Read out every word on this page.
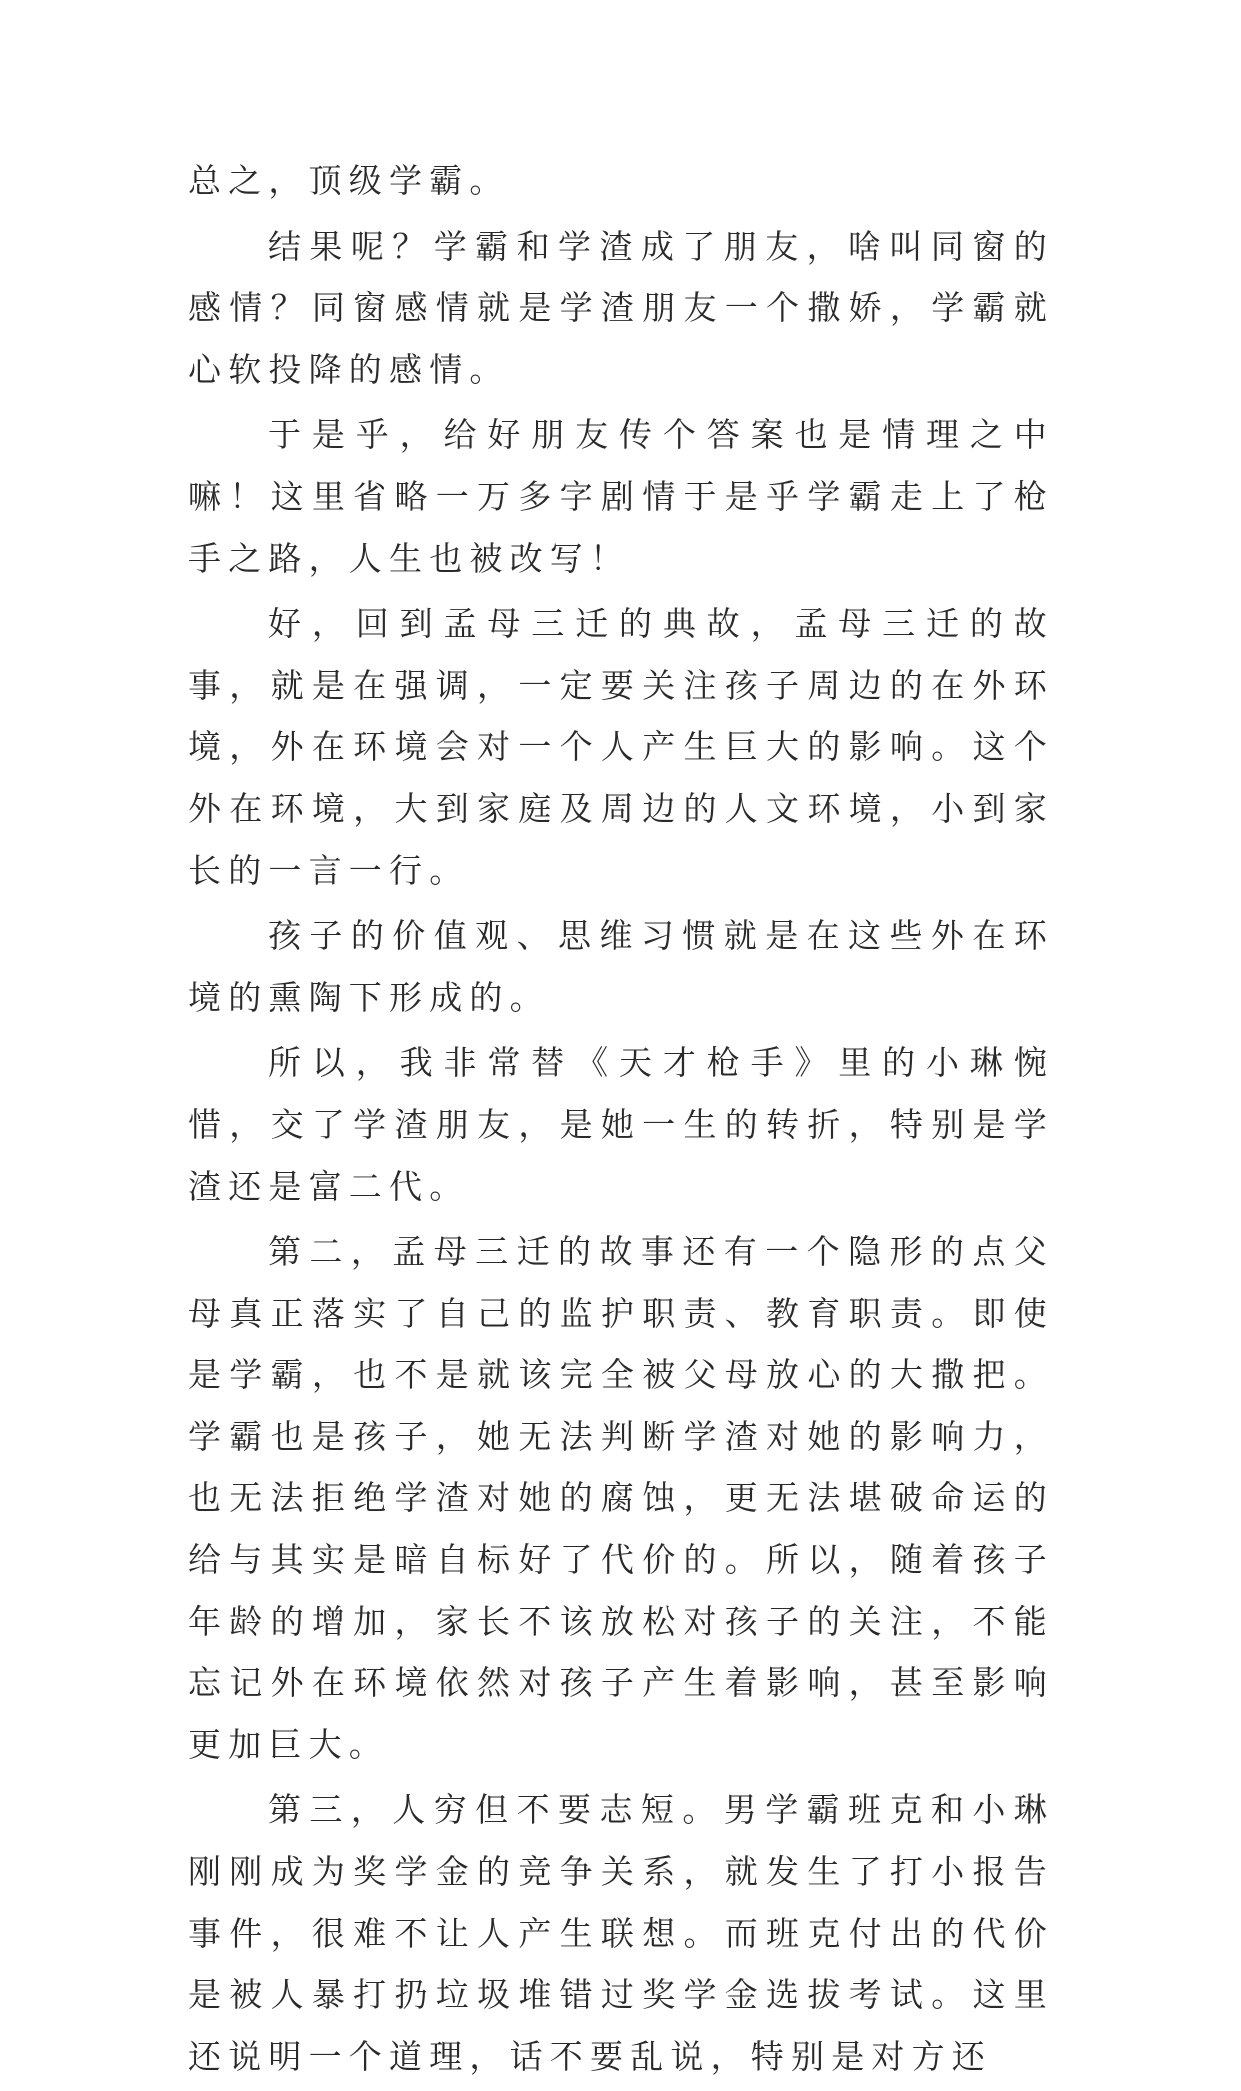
总之，顶级学霸。

结果呢？学霸和学渣成了朋友，啥叫同窗的感情？同窗感情就是学渣朋友一个撒娇，学霸就心软投降的感情。

于是乎，给好朋友传个答案也是情理之中嘛！这里省略一万多字剧情于是乎学霸走上了枪手之路，人生也被改写！

好，回到孟母三迁的典故，孟母三迁的故事，就是在强调，一定要关注孩子周边的在外环境，外在环境会对一个人产生巨大的影响。这个外在环境，大到家庭及周边的人文环境，小到家长的一言一行。

孩子的价值观、思维习惯就是在这些外在环境的熏陶下形成的。

所以，我非常替《天才枪手》里的小琳惋惜，交了学渣朋友，是她一生的转折，特别是学渣还是富二代。

第二，孟母三迁的故事还有一个隐形的点父母真正落实了自己的监护职责、教育职责。即使是学霸，也不是就该完全被父母放心的大撒把。学霸也是孩子，她无法判断学渣对她的影响力，也无法拒绝学渣对她的腐蚀，更无法堪破命运的给与其实是暗自标好了代价的。所以，随着孩子年龄的增加，家长不该放松对孩子的关注，不能忘记外在环境依然对孩子产生着影响，甚至影响更加巨大。

第三，人穷但不要志短。男学霸班克和小琳刚刚成为奖学金的竞争关系，就发生了打小报告事件，很难不让人产生联想。而班克付出的代价是被人暴打扔垃圾堆错过奖学金选拔考试。这里还说明一个道理，话不要乱说，特别是对方还
